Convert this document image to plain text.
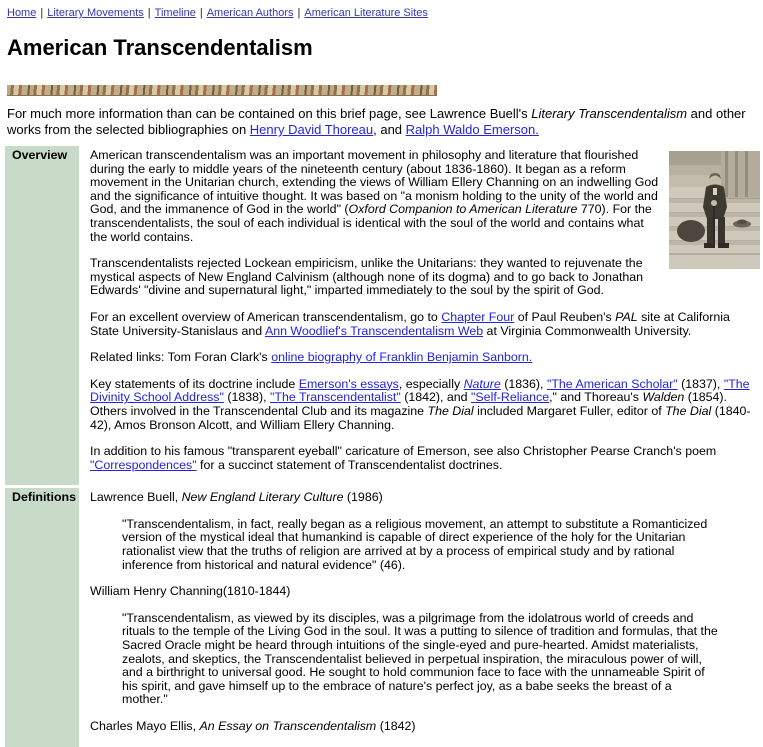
Home | Literary Movements | Timeline | American Authors | American Literature Sites
American Transcendentalism
For much more information than can be contained on this brief page, see Lawrence Buell's Literary Transcendentalism and other works from the selected bibliographies on Henry David Thoreau, and Ralph Waldo Emerson.
Overview	American transcendentalism was an important movement in philosophy and literature that flourished during the early to middle years of the nineteenth century (about 1836-1860). It began as a reform movement in the Unitarian church, extending the views of William Ellery Channing on an indwelling God and the significance of intuitive thought. It was based on "a monism holding to the unity of the world and God, and the immanence of God in the world" (Oxford Companion to American Literature 770). For the transcendentalists, the soul of each individual is identical with the soul of the world and contains what the world contains.

Transcendentalists rejected Lockean empiricism, unlike the Unitarians: they wanted to rejuvenate the mystical aspects of New England Calvinism (although none of its dogma) and to go back to Jonathan Edwards' "divine and supernatural light," imparted immediately to the soul by the spirit of God.

For an excellent overview of American transcendentalism, go to Chapter Four of Paul Reuben's PAL site at California State University-Stanislaus and Ann Woodlief's Transcendentalism Web at Virginia Commonwealth University.

Related links: Tom Foran Clark's online biography of Franklin Benjamin Sanborn.

Key statements of its doctrine include Emerson's essays, especially Nature (1836), "The American Scholar" (1837), "The Divinity School Address" (1838), "The Transcendentalist" (1842), and "Self-Reliance," and Thoreau's Walden (1854). Others involved in the Transcendental Club and its magazine The Dial included Margaret Fuller, editor of The Dial (1840-42), Amos Bronson Alcott, and William Ellery Channing.

In addition to his famous "transparent eyeball" caricature of Emerson, see also Christopher Pearse Cranch's poem "Correspondences" for a succinct statement of Transcendentalist doctrines.

Definitions Lawrence Buell, New England Literary Culture (1986)

"Transcendentalism, in fact, really began as a religious movement, an attempt to substitute a Romanticized version of the mystical ideal that humankind is capable of direct experience of the holy for the Unitarian rationalist view that the truths of religion are arrived at by a process of empirical study and by rational inference from historical and natural evidence" (46).

William Henry Channing(1810-1844)

"Transcendentalism, as viewed by its disciples, was a pilgrimage from the idolatrous world of creeds and rituals to the temple of the Living God in the soul. It was a putting to silence of tradition and formulas, that the Sacred Oracle might be heard through intuitions of the single-eyed and pure-hearted. Amidst materialists, zealots, and skeptics, the Transcendentalist believed in perpetual inspiration, the miraculous power of will, and a birthright to universal good. He sought to hold communion face to face with the unnameable Spirit of his spirit, and gave himself up to the embrace of nature's perfect joy, as a babe seeks the breast of a mother."

Charles Mayo Ellis, An Essay on Transcendentalism (1842)
